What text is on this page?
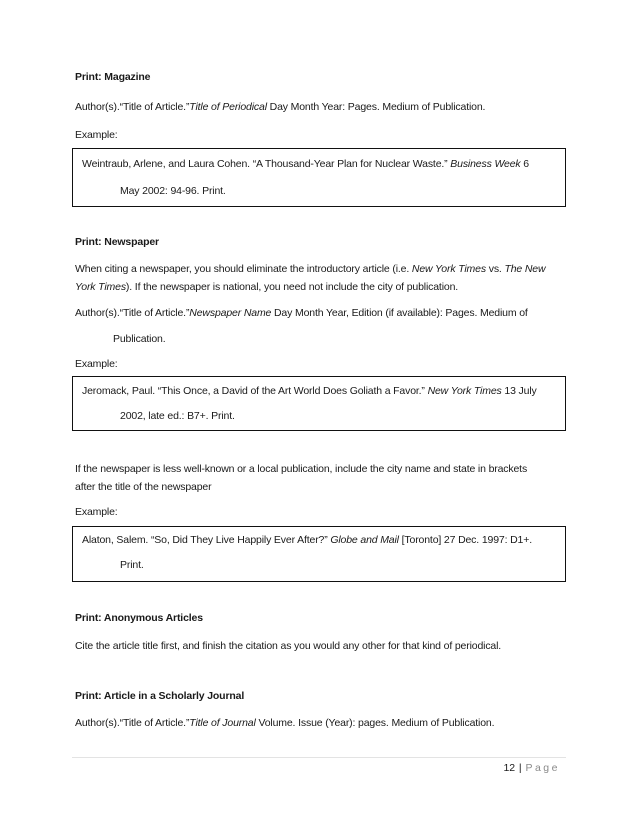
Print: Magazine
Author(s).“Title of Article.”Title of Periodical Day Month Year: Pages. Medium of Publication.
Example:
Weintraub, Arlene, and Laura Cohen. “A Thousand-Year Plan for Nuclear Waste.” Business Week 6
May 2002: 94-96. Print.
Print: Newspaper
When citing a newspaper, you should eliminate the introductory article (i.e. New York Times vs. The New
York Times). If the newspaper is national, you need not include the city of publication.
Author(s).“Title of Article.”Newspaper Name Day Month Year, Edition (if available): Pages. Medium of
Publication.
Example:
Jeromack, Paul. “This Once, a David of the Art World Does Goliath a Favor.” New York Times 13 July
2002, late ed.: B7+. Print.
If the newspaper is less well-known or a local publication, include the city name and state in brackets
after the title of the newspaper
Example:
Alaton, Salem. “So, Did They Live Happily Ever After?” Globe and Mail [Toronto] 27 Dec. 1997: D1+.
Print.
Print: Anonymous Articles
Cite the article title first, and finish the citation as you would any other for that kind of periodical.
Print: Article in a Scholarly Journal
Author(s).“Title of Article.”Title of Journal Volume. Issue (Year): pages. Medium of Publication.
12 | Page
